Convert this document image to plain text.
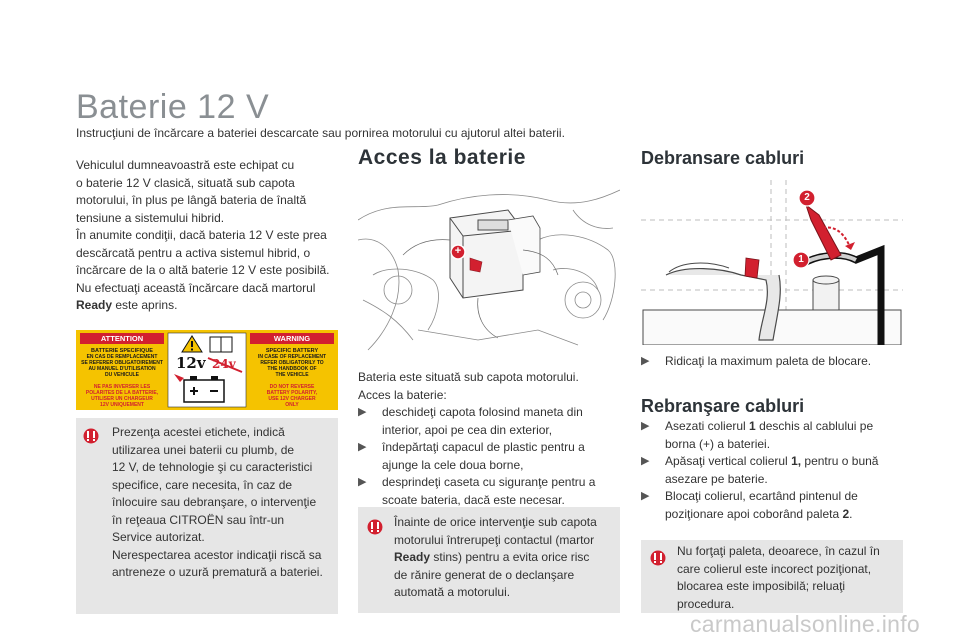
Baterie 12 V
Instrucţiuni de încărcare a bateriei descarcate sau pornirea motorului cu ajutorul altei baterii.
Vehiculul dumneavoastră este echipat cu
o baterie 12 V clasică, situată sub capota
motorului, în plus pe lângă bateria de înaltă
tensiune a sistemului hibrid.
În anumite condiţii, dacă bateria 12 V este prea
descărcată pentru a activa sistemul hibrid, o
încărcare de la o altă baterie 12 V este posibilă.
Nu efectuaţi această încărcare dacă martorul
Ready este aprins.
ATTENTION	WARNING
BATTERIE SPECIFIQUE
EN CAS DE REMPLACEMENT
SE REFERER OBLIGATOIREMENT
AU MANUEL D'UTILISATION
DU VEHICULE
NE PAS INVERSER LES
POLARITES DE LA BATTERIE,
UTILISER UN CHARGEUR
12V UNIQUEMENT
SPECIFIC BATTERY
IN CASE OF REPLACEMENT
REFER OBLIGATORILY TO
THE HANDBOOK OF
THE VEHICLE
DO NOT REVERSE
BATTERY POLARITY,
USE 12V CHARGER
ONLY
12v 24v
Prezenţa acestei etichete, indică
utilizarea unei baterii cu plumb, de
12 V, de tehnologie şi cu caracteristici
specifice, care necesita, în caz de
înlocuire sau debranşare, o intervenţie
în reţeaua CITROËN sau într-un
Service autorizat.
Nerespectarea acestor indicaţii riscă sa
antreneze o uzură prematură a bateriei.
Acces la baterie
+
Bateria este situată sub capota motorului.
Acces la baterie:
▶ deschideţi capota folosind maneta din
interior, apoi pe cea din exterior,
▶ îndepărtaţi capacul de plastic pentru a
ajunge la cele doua borne,
▶ desprindeţi caseta cu siguranţe pentru a
scoate bateria, dacă este necesar.
Înainte de orice intervenţie sub capota
motorului întrerupeţi contactul (martor
Ready stins) pentru a evita orice risc
de rănire generat de o declanşare
automată a motorului.
Debransare cabluri
1
2
▶ Ridicaţi la maximum paleta de blocare.
Rebranşare cabluri
▶ Asezati colierul 1 deschis al cablului pe
borna (+) a bateriei.
▶ Apăsaţi vertical colierul 1, pentru o bună
asezare pe baterie.
▶ Blocaţi colierul, ecartând pintenul de
poziţionare apoi coborând paleta 2.
Nu forţaţi paleta, deoarece, în cazul în
care colierul este incorect poziţionat,
blocarea este imposibilă; reluaţi
procedura.
carmanualsonline.info
